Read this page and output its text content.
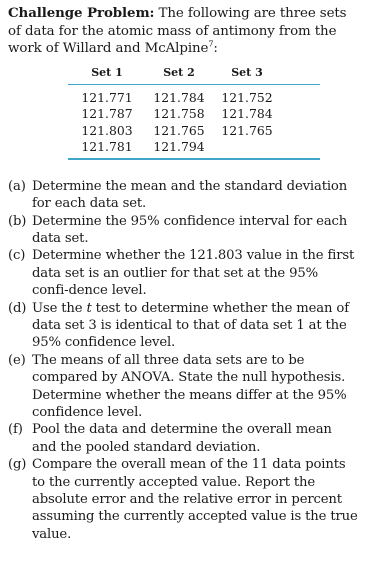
Challenge Problem: The following are three sets of data for the atomic mass of antimony from the work of Willard and McAlpine$^7$:
Set 1	Set 2	Set 3
121.771	121.784	121.752
121.787	121.758	121.784
121.803	121.765	121.765
121.781	121.794
(a) Determine the mean and the standard deviation for each data set.
(b) Determine the 95% confidence interval for each data set.
(c) Determine whether the 121.803 value in the first data set is an outlier for that set at the 95% confi-dence level.
(d) Use the t test to determine whether the mean of data set 3 is identical to that of data set 1 at the 95% confidence level.
(e) The means of all three data sets are to be compared by ANOVA. State the null hypothesis. Determine whether the means differ at the 95% confidence level.
(f) Pool the data and determine the overall mean and the pooled standard deviation.
(g) Compare the overall mean of the 11 data points to the currently accepted value. Report the absolute error and the relative error in percent assuming the currently accepted value is the true value.
